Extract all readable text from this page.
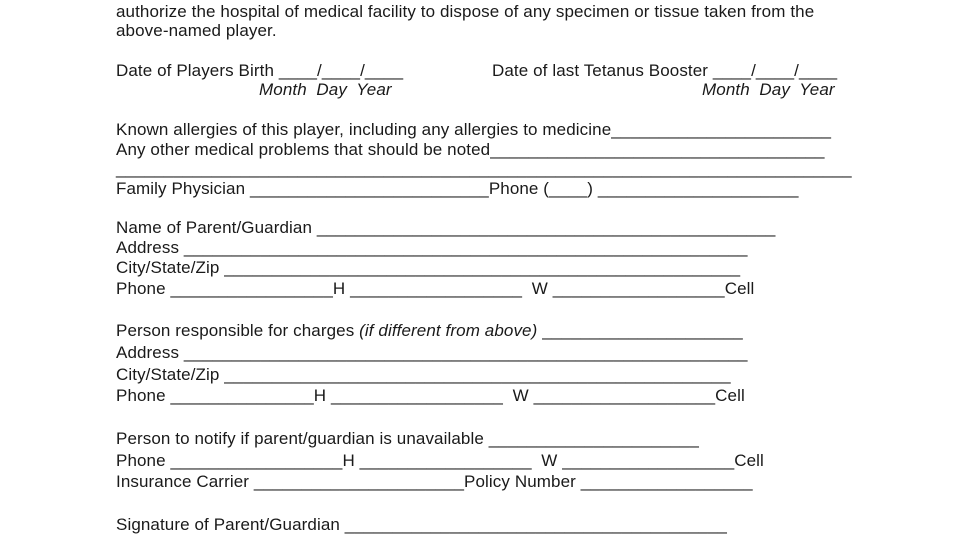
authorize the hospital of medical facility to dispose of any specimen or tissue taken from the
above-named player.
Date of Players Birth ____/____/____
Month  Day  Year
Date of last Tetanus Booster ____/____/____
Month  Day  Year
Known allergies of this player, including any allergies to medicine_______________________
Any other medical problems that should be noted___________________________________
_____________________________________________________________________________
Family Physician _________________________Phone (____) _____________________
Name of Parent/Guardian ________________________________________________
Address ___________________________________________________________
City/State/Zip ______________________________________________________
Phone _________________H __________________  W __________________Cell
Person responsible for charges (if different from above) _____________________
Address ___________________________________________________________
City/State/Zip _____________________________________________________
Phone _______________H __________________  W ___________________Cell
Person to notify if parent/guardian is unavailable ______________________
Phone __________________H __________________  W __________________Cell
Insurance Carrier ______________________Policy Number __________________
Signature of Parent/Guardian ________________________________________
